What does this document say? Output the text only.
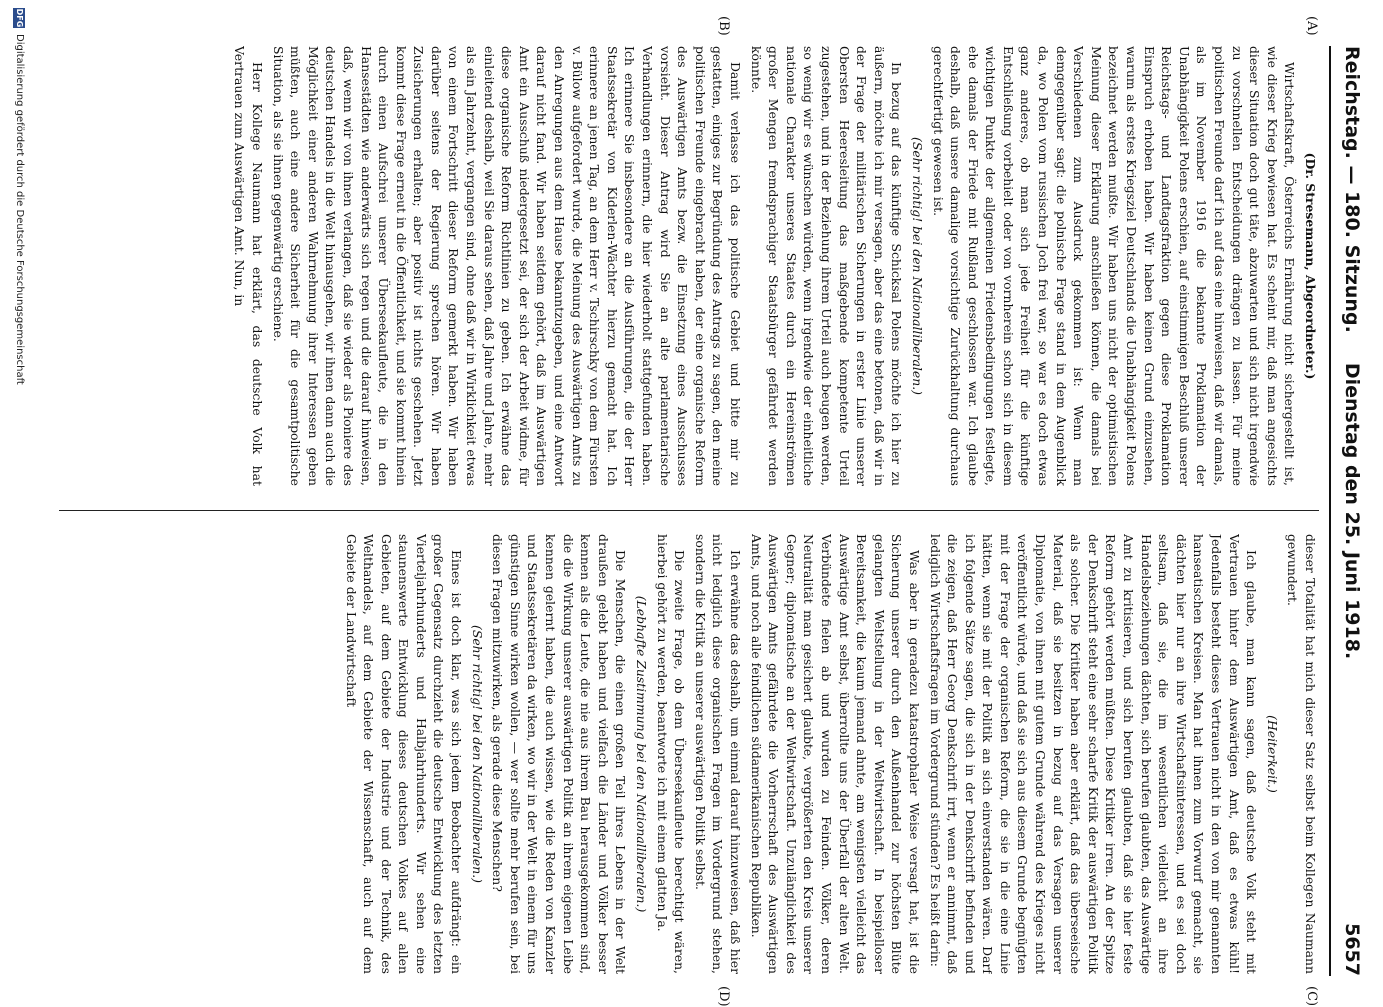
Reichstag. — 180. Sitzung.
Dienstag den 25. Juni 1918.
5657
(A)
(B)
(C)
(D)

(Dr. Stresemann, Abgeordneter.)

Wirtschaftskraft, Österreichs Ernährung nicht sichergestellt ist, wie dieser Krieg bewiesen hat. Es scheint mir, daß man angesichts dieser Situation doch gut täte, abzuwarten und sich nicht irgendwie zu vorschnellen Entscheidungen drängen zu lassen. Für meine politischen Freunde darf ich auf das eine hinweisen, daß wir damals, als im November 1916 die bekannte Proklamation der Unabhängigkeit Polens erschien, auf einstimmigen Beschluß unserer Reichstags- und Landtagsfraktion gegen diese Proklamation Einspruch erhoben haben. Wir haben keinen Grund einzusehen, warum als erstes Kriegsziel Deutschlands die Unabhängigkeit Polens bezeichnet werden mußte. Wir haben uns nicht der optimistischen Meinung dieser Erklärung anschließen können, die damals bei Verschiedenen zum Ausdruck gekommen ist: Wenn man demgegenüber sagt: die polnische Frage stand in dem Augenblick da, wo Polen vom russischen Joch frei war, so war es doch etwas ganz anderes, ob man sich jede Freiheit für die künftige Entschließung vorbehielt oder von vornherein schon sich in diesem wichtigen Punkte der allgemeinen Friedensbedingungen festlegte, ehe damals der Friede mit Rußland geschlossen war. Ich glaube deshalb, daß unsere damalige vorsichtige Zurückhaltung durchaus gerechtfertigt gewesen ist.

(Sehr richtig! bei den Nationalliberalen.)

In bezug auf das künftige Schicksal Polens möchte ich hier zu äußern, möchte ich mir versagen, aber das eine betonen, daß wir in der Frage der militärischen Sicherungen in erster Linie unserer Obersten Heeresleitung das maßgebende kompetente Urteil zugestehen, und in der Beziehung ihrem Urteil auch beugen werden, so wenig wir es wünschen würden, wenn irgendwie der einheitliche nationale Charakter unseres Staates durch ein Hereinströmen großer Mengen fremdsprachiger Staatsbürger gefährdet werden könnte.

Damit verlasse ich das politische Gebiet und bitte mir zu gestatten, einiges zur Begründung des Antrags zu sagen, den meine politischen Freunde eingebracht haben, der eine organische Reform des Auswärtigen Amts bezw. die Einsetzung eines Ausschusses vorsieht. Dieser Antrag wird Sie an alte parlamentarische Verhandlungen erinnern, die hier wiederholt stattgefunden haben. Ich erinnere Sie insbesondere an die Ausführungen, die der Herr Staatssekretär von Kiderlen-Wächter hierzu gemacht hat. Ich erinnere an jenen Tag, an dem Herr v. Tschirschky von dem Fürsten v. Bülow aufgefordert wurde, die Meinung des Auswärtigen Amts zu den Anregungen aus dem Hause bekanntzugeben, und eine Antwort darauf nicht fand. Wir haben seitdem gehört, daß im Auswärtigen Amt ein Ausschuß niedergesetzt sei, der sich der Arbeit widme, für diese organische Reform Richtlinien zu geben. Ich erwähne das einleitend deshalb, weil Sie daraus sehen, daß Jahre und Jahre, mehr als ein Jahrzehnt, vergangen sind, ohne daß wir in Wirklichkeit etwas von einem Fortschritt dieser Reform gemerkt haben. Wir haben darüber seitens der Regierung sprechen hören. Wir haben Zusicherungen erhalten; aber positiv ist nichts geschehen. Jetzt kommt diese Frage erneut in die Öffentlichkeit, und sie kommt hinein durch einen Aufschrei unserer Überseekaufleute, die in den Hansestädten wie anderwärts sich regen und die darauf hinweisen, daß, wenn wir von ihnen verlangen, daß sie wieder als Pioniere des deutschen Handels in die Welt hinausgehen, wir ihnen dann auch die Möglichkeit einer anderen Wahrnehmung ihrer Interessen geben müßten, auch eine andere Sicherheit für die gesamtpolitische Situation, als sie ihnen gegenwärtig erschiene.

Herr Kollege Naumann hat erklärt, das deutsche Volk hat Vertrauen zum Auswärtigen Amt. Nun, in

dieser Totalität hat mich dieser Satz selbst beim Kollegen Naumann gewundert.

(Heiterkeit.)

Ich glaube, man kann sagen, daß deutsche Volk steht mit Vertrauen hinter dem Auswärtigen Amt, daß es etwas kühl! Jedenfalls besteht dieses Vertrauen nicht in den von mir genannten hanseatischen Kreisen. Man hat ihnen zum Vorwurf gemacht, sie dächten hier nur an ihre Wirtschaftsinteressen, und es sei doch seltsam, daß sie, die im wesentlichen vielleicht an ihre Handelsbeziehungen dächten, sich berufen glaubten, das Auswärtige Amt zu kritisieren, und sich berufen glaubten, daß sie hier feste Reform gehört werden müßten. Diese Kritiker irren. An der Spitze der Denkschrift steht eine sehr scharfe Kritik der auswärtigen Politik als solcher. Die Kritiker haben aber erklärt, daß das überseeische Material, daß sie besitzen in bezug auf das Versagen unserer Diplomatie, von ihnen mit gutem Grunde während des Krieges nicht veröffentlicht würde, und daß sie sich aus diesem Grunde begnügten mit der Frage der organischen Reform, die sie in die eine Linie hätten, wenn sie mit der Politik an sich einverstanden wären. Darf ich folgende Sätze sagen, die sich in der Denkschrift befinden und die zeigen, daß Herr Georg Denkschrift irrt, wenn er annimmt, daß lediglich Wirtschaftsfragen im Vordergrund stünden? Es heißt darin:

Was aber in geradezu katastrophaler Weise versagt hat, ist die Sicherung unserer durch den Außenhandel zur höchsten Blüte gelangten Weltstellung in der Weltwirtschaft. In beispielloser Bereitsamkeit, die kaum jemand ahnte, am wenigsten vielleicht das Auswärtige Amt selbst, überrollte uns der Überfall der alten Welt. Verbündete fielen ab und wurden zu Feinden. Völker, deren Neutralität man gesichert glaubte, vergrößerten den Kreis unserer Gegner; diplomatische an der Weltwirtschaft. Unzulänglichkeit des Auswärtigen Amts gefährdete die Vorherrschaft des Auswärtigen Amts, und noch alle feindlichen südamerikanischen Republiken.

Ich erwähne das deshalb, um einmal darauf hinzuweisen, daß hier nicht lediglich diese organischen Fragen im Vordergrund stehen, sondern die Kritik an unserer auswärtigen Politik selbst.

Die zweite Frage, ob dem Überseekaufleute berechtigt wären, hierbei gehört zu werden, beantworte ich mit einem glatten Ja.

(Lebhafte Zustimmung bei den Nationalliberalen.)

Die Menschen, die einen großen Teil ihres Lebens in der Welt draußen gelebt haben und vielfach die Länder und Völker besser kennen als die Leute, die nie aus ihrem Bau herausgekommen sind, die die Wirkung unserer auswärtigen Politik an ihrem eigenen Leibe kennen gelernt haben, die auch wissen, wie die Reden von Kanzler und Staatssekretären da wirken, wo wir in der Welt in einem für uns günstigen Sinne wirken wollen, — wer sollte mehr berufen sein, bei diesen Fragen mitzuwirken, als gerade diese Menschen?

(Sehr richtig! bei den Nationalliberalen.)

Eines ist doch klar, was sich jedem Beobachter aufdrängt: ein großer Gegensatz durchzieht die deutsche Entwicklung des letzten Vierteljahrhunderts und Halbjahrhunderts. Wir sehen eine staunenswerte Entwicklung dieses deutschen Volkes auf allen Gebieten, auf dem Gebiete der Industrie und der Technik, des Welthandels, auf dem Gebiete der Wissenschaft, auch auf dem Gebiete der Landwirtschaft

DFG
Digitalisierung gefördert durch die Deutsche Forschungsgemeinschaft
